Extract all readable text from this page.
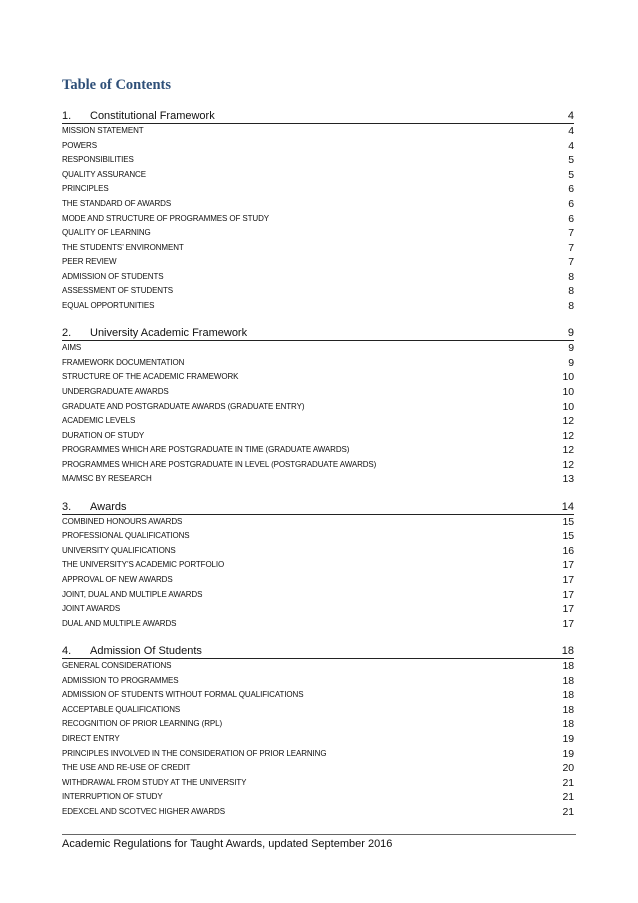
Table of Contents
1.	Constitutional Framework	4
MISSION STATEMENT	4
POWERS	4
RESPONSIBILITIES	5
QUALITY ASSURANCE	5
PRINCIPLES	6
THE STANDARD OF AWARDS	6
MODE AND STRUCTURE OF PROGRAMMES OF STUDY	6
QUALITY OF LEARNING	7
THE STUDENTS’ ENVIRONMENT	7
PEER REVIEW	7
ADMISSION OF STUDENTS	8
ASSESSMENT OF STUDENTS	8
EQUAL OPPORTUNITIES	8
2.	University Academic Framework	9
AIMS	9
FRAMEWORK DOCUMENTATION	9
STRUCTURE OF THE ACADEMIC FRAMEWORK	10
UNDERGRADUATE AWARDS	10
GRADUATE AND POSTGRADUATE AWARDS (GRADUATE ENTRY)	10
ACADEMIC LEVELS	12
DURATION OF STUDY	12
PROGRAMMES WHICH ARE POSTGRADUATE IN TIME (GRADUATE AWARDS)	12
PROGRAMMES WHICH ARE POSTGRADUATE IN LEVEL (POSTGRADUATE AWARDS)	12
MA/MSC BY RESEARCH	13
3.	Awards	14
COMBINED HONOURS AWARDS	15
PROFESSIONAL QUALIFICATIONS	15
UNIVERSITY QUALIFICATIONS	16
THE UNIVERSITY’S ACADEMIC PORTFOLIO	17
APPROVAL OF NEW AWARDS	17
JOINT, DUAL AND MULTIPLE AWARDS	17
JOINT AWARDS	17
DUAL AND MULTIPLE AWARDS	17
4.	Admission Of Students	18
GENERAL CONSIDERATIONS	18
ADMISSION TO PROGRAMMES	18
ADMISSION OF STUDENTS WITHOUT FORMAL QUALIFICATIONS	18
ACCEPTABLE QUALIFICATIONS	18
RECOGNITION OF PRIOR LEARNING (RPL)	18
DIRECT ENTRY	19
PRINCIPLES INVOLVED IN THE CONSIDERATION OF PRIOR LEARNING	19
THE USE AND RE-USE OF CREDIT	20
WITHDRAWAL FROM STUDY AT THE UNIVERSITY	21
INTERRUPTION OF STUDY	21
EDEXCEL AND SCOTVEC HIGHER AWARDS	21
Academic Regulations for Taught Awards, updated September 2016
